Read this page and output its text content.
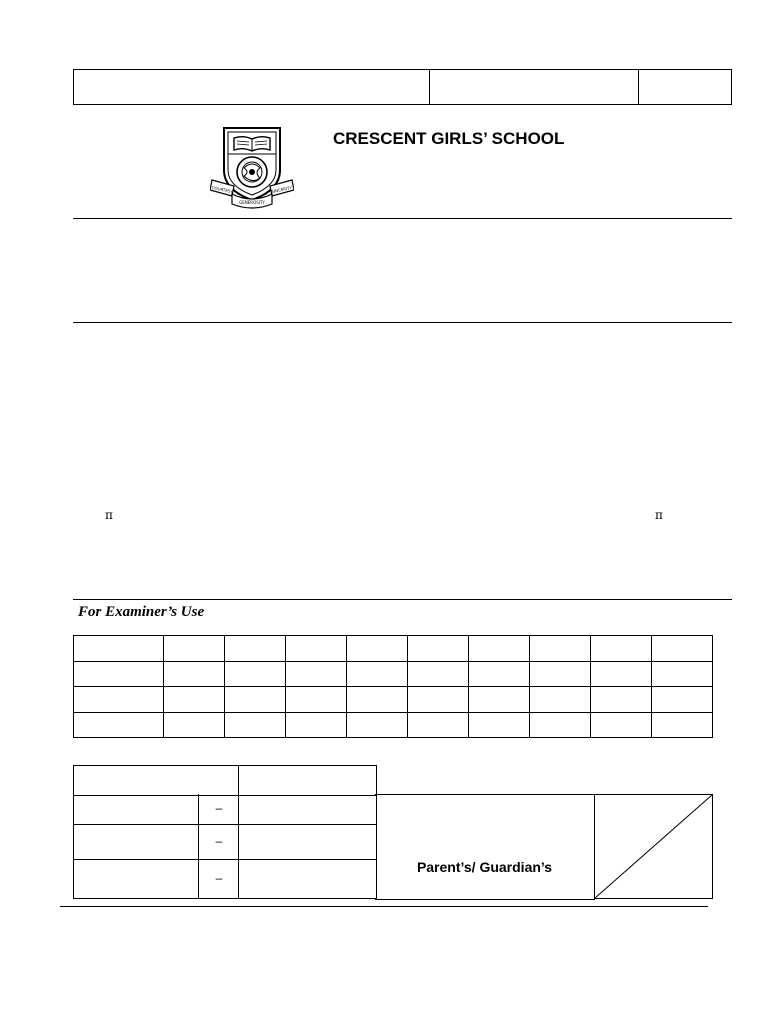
COURTESY
GENEROSITY
SINCERITY
CRESCENT GIRLS’ SCHOOL
π	π
For Examiner’s Use

–
–
–
Parent’s/ Guardian’s
